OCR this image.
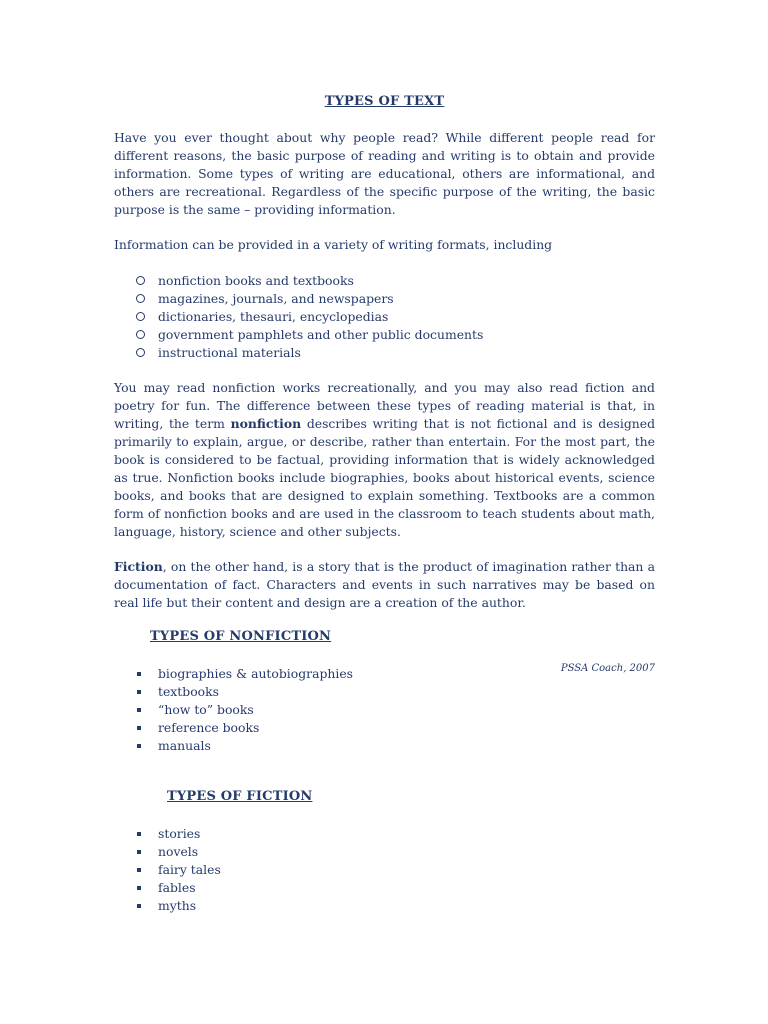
TYPES OF TEXT

Have you ever thought about why people read? While different people read for different reasons, the basic purpose of reading and writing is to obtain and provide information. Some types of writing are educational, others are informational, and others are recreational. Regardless of the specific purpose of the writing, the basic purpose is the same – providing information.

Information can be provided in a variety of writing formats, including

nonfiction books and textbooks
magazines, journals, and newspapers
dictionaries, thesauri, encyclopedias
government pamphlets and other public documents
instructional materials

You may read nonfiction works recreationally, and you may also read fiction and poetry for fun. The difference between these types of reading material is that, in writing, the term nonfiction describes writing that is not fictional and is designed primarily to explain, argue, or describe, rather than entertain. For the most part, the book is considered to be factual, providing information that is widely acknowledged as true. Nonfiction books include biographies, books about historical events, science books, and books that are designed to explain something. Textbooks are a common form of nonfiction books and are used in the classroom to teach students about math, language, history, science and other subjects.

Fiction, on the other hand, is a story that is the product of imagination rather than a documentation of fact. Characters and events in such narratives may be based on real life but their content and design are a creation of the author.

TYPES OF NONFICTION
PSSA Coach, 2007
biographies & autobiographies
textbooks
“how to” books
reference books
manuals
TYPES OF FICTION
stories
novels
fairy tales
fables
myths
